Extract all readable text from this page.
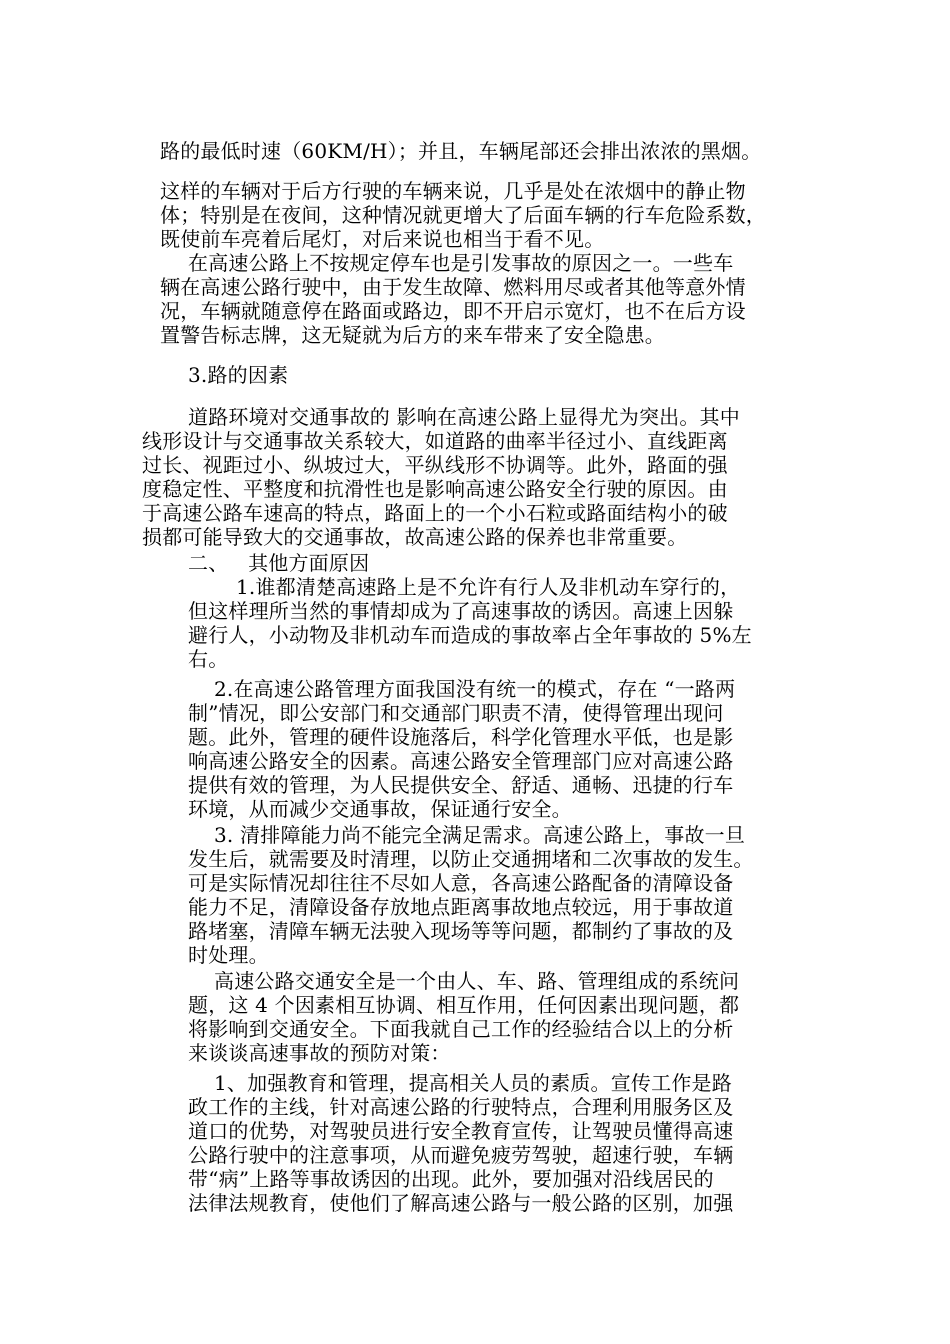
路的最低时速（60KM/H）；并且，车辆尾部还会排出浓浓的黑烟。
这样的车辆对于后方行驶的车辆来说，几乎是处在浓烟中的静止物
体；特别是在夜间，这种情况就更增大了后面车辆的行车危险系数，
既使前车亮着后尾灯，对后来说也相当于看不见。
在高速公路上不按规定停车也是引发事故的原因之一。一些车
辆在高速公路行驶中，由于发生故障、燃料用尽或者其他等意外情
况，车辆就随意停在路面或路边，即不开启示宽灯，也不在后方设
置警告标志牌，这无疑就为后方的来车带来了安全隐患。
3.路的因素
道路环境对交通事故的 影响在高速公路上显得尤为突出。其中
线形设计与交通事故关系较大，如道路的曲率半径过小、直线距离
过长、视距过小、纵坡过大，平纵线形不协调等。此外，路面的强
度稳定性、平整度和抗滑性也是影响高速公路安全行驶的原因。由
于高速公路车速高的特点，路面上的一个小石粒或路面结构小的破
损都可能导致大的交通事故，故高速公路的保养也非常重要。
二、   其他方面原因
1.谁都清楚高速路上是不允许有行人及非机动车穿行的，
但这样理所当然的事情却成为了高速事故的诱因。高速上因躲
避行人，小动物及非机动车而造成的事故率占全年事故的 5%左
右。
2.在高速公路管理方面我国没有统一的模式，存在 “一路两
制”情况，即公安部门和交通部门职责不清，使得管理出现问
题。此外，管理的硬件设施落后，科学化管理水平低，也是影
响高速公路安全的因素。高速公路安全管理部门应对高速公路
提供有效的管理，为人民提供安全、舒适、通畅、迅捷的行车
环境，从而减少交通事故，保证通行安全。
3. 清排障能力尚不能完全满足需求。高速公路上，事故一旦
发生后，就需要及时清理，以防止交通拥堵和二次事故的发生。
可是实际情况却往往不尽如人意，各高速公路配备的清障设备
能力不足，清障设备存放地点距离事故地点较远，用于事故道
路堵塞，清障车辆无法驶入现场等等问题，都制约了事故的及
时处理。
高速公路交通安全是一个由人、车、路、管理组成的系统问
题，这 4 个因素相互协调、相互作用，任何因素出现问题，都
将影响到交通安全。下面我就自己工作的经验结合以上的分析
来谈谈高速事故的预防对策：
1、加强教育和管理，提高相关人员的素质。宣传工作是路
政工作的主线，针对高速公路的行驶特点，合理利用服务区及
道口的优势，对驾驶员进行安全教育宣传，让驾驶员懂得高速
公路行驶中的注意事项，从而避免疲劳驾驶，超速行驶，车辆
带“病”上路等事故诱因的出现。此外，要加强对沿线居民的
法律法规教育，使他们了解高速公路与一般公路的区别，加强
